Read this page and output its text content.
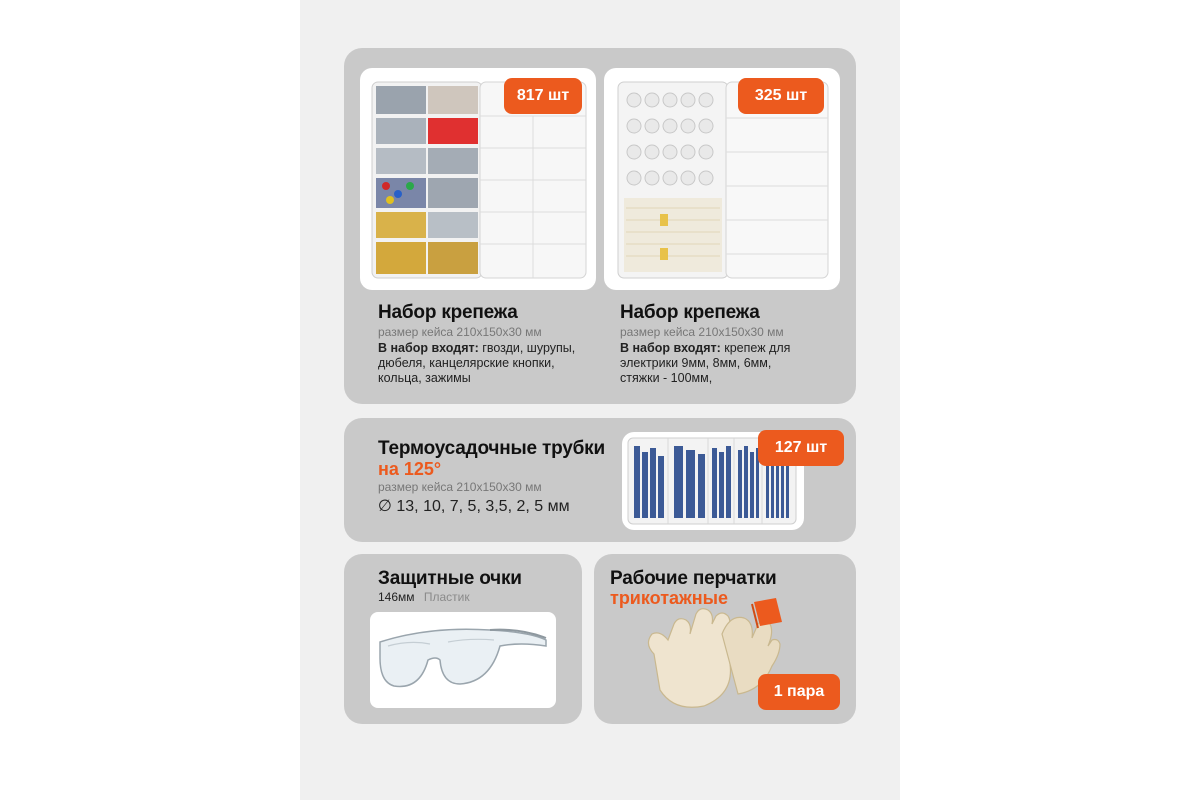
817 шт	325 шт
Набор крепежа
размер кейса 210х150х30 мм
В набор входят: гвозди, шурупы, дюбеля, канцелярские кнопки, кольца, зажимы
Набор крепежа
размер кейса 210х150х30 мм
В набор входят: крепеж для электрики 9мм, 8мм, 6мм, стяжки - 100мм,
Термоусадочные трубки
на 125°
размер кейса 210х150х30 мм
∅ 13, 10, 7, 5, 3,5, 2, 5 мм
127 шт
Защитные очки
146мм Пластик
Рабочие перчатки
трикотажные
1 пара
